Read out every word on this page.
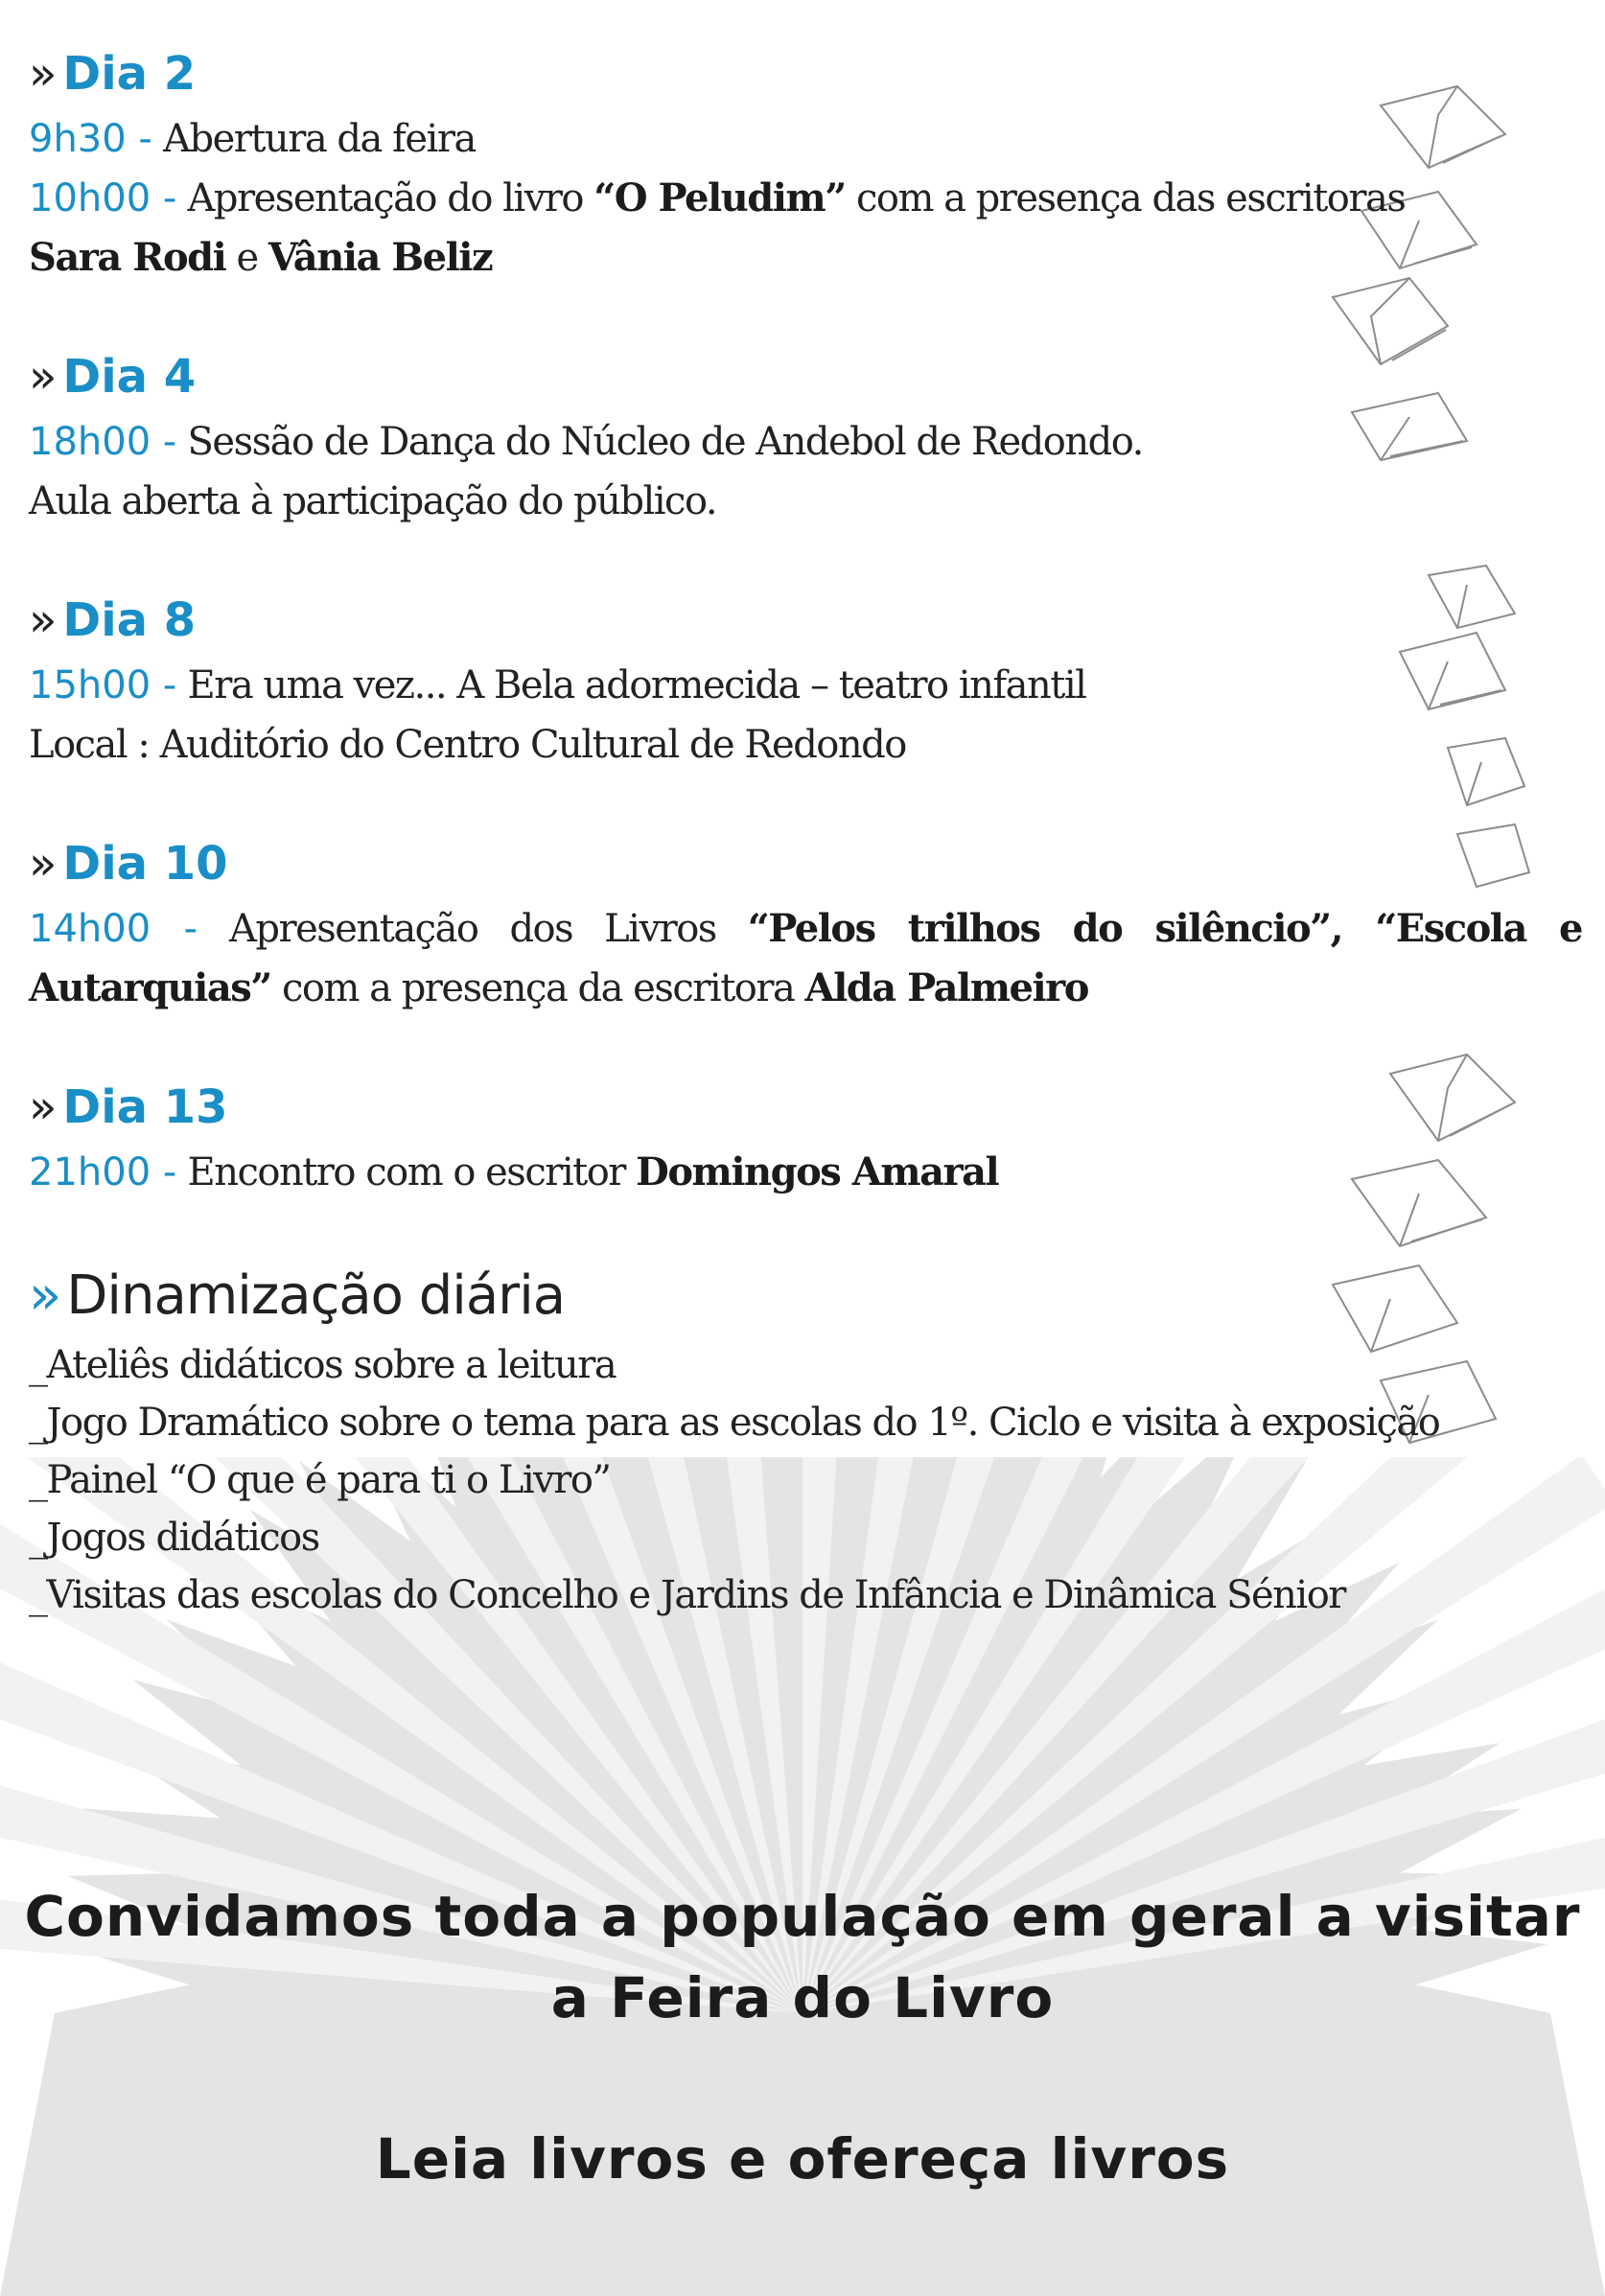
» Dia 2
9h30 - Abertura da feira
10h00 - Apresentação do livro “O Peludim” com a presença das escritoras
Sara Rodi e Vânia Beliz
» Dia 4
18h00 - Sessão de Dança do Núcleo de Andebol de Redondo.
Aula aberta à participação do público.
» Dia 8
15h00 - Era uma vez... A Bela adormecida – teatro infantil
Local : Auditório do Centro Cultural de Redondo
» Dia 10
14h00 - Apresentação dos Livros “Pelos trilhos do silêncio”, “Escola e Autarquias” com a presença da escritora Alda Palmeiro
» Dia 13
21h00 - Encontro com o escritor Domingos Amaral
» Dinamização diária
_Ateliês didáticos sobre a leitura
_Jogo Dramático sobre o tema para as escolas do 1º. Ciclo e visita à exposição
_Painel “O que é para ti o Livro”
_Jogos didáticos
_Visitas das escolas do Concelho e Jardins de Infância e Dinâmica Sénior
Convidamos toda a população em geral a visitar
a Feira do Livro
Leia livros e ofereça livros
